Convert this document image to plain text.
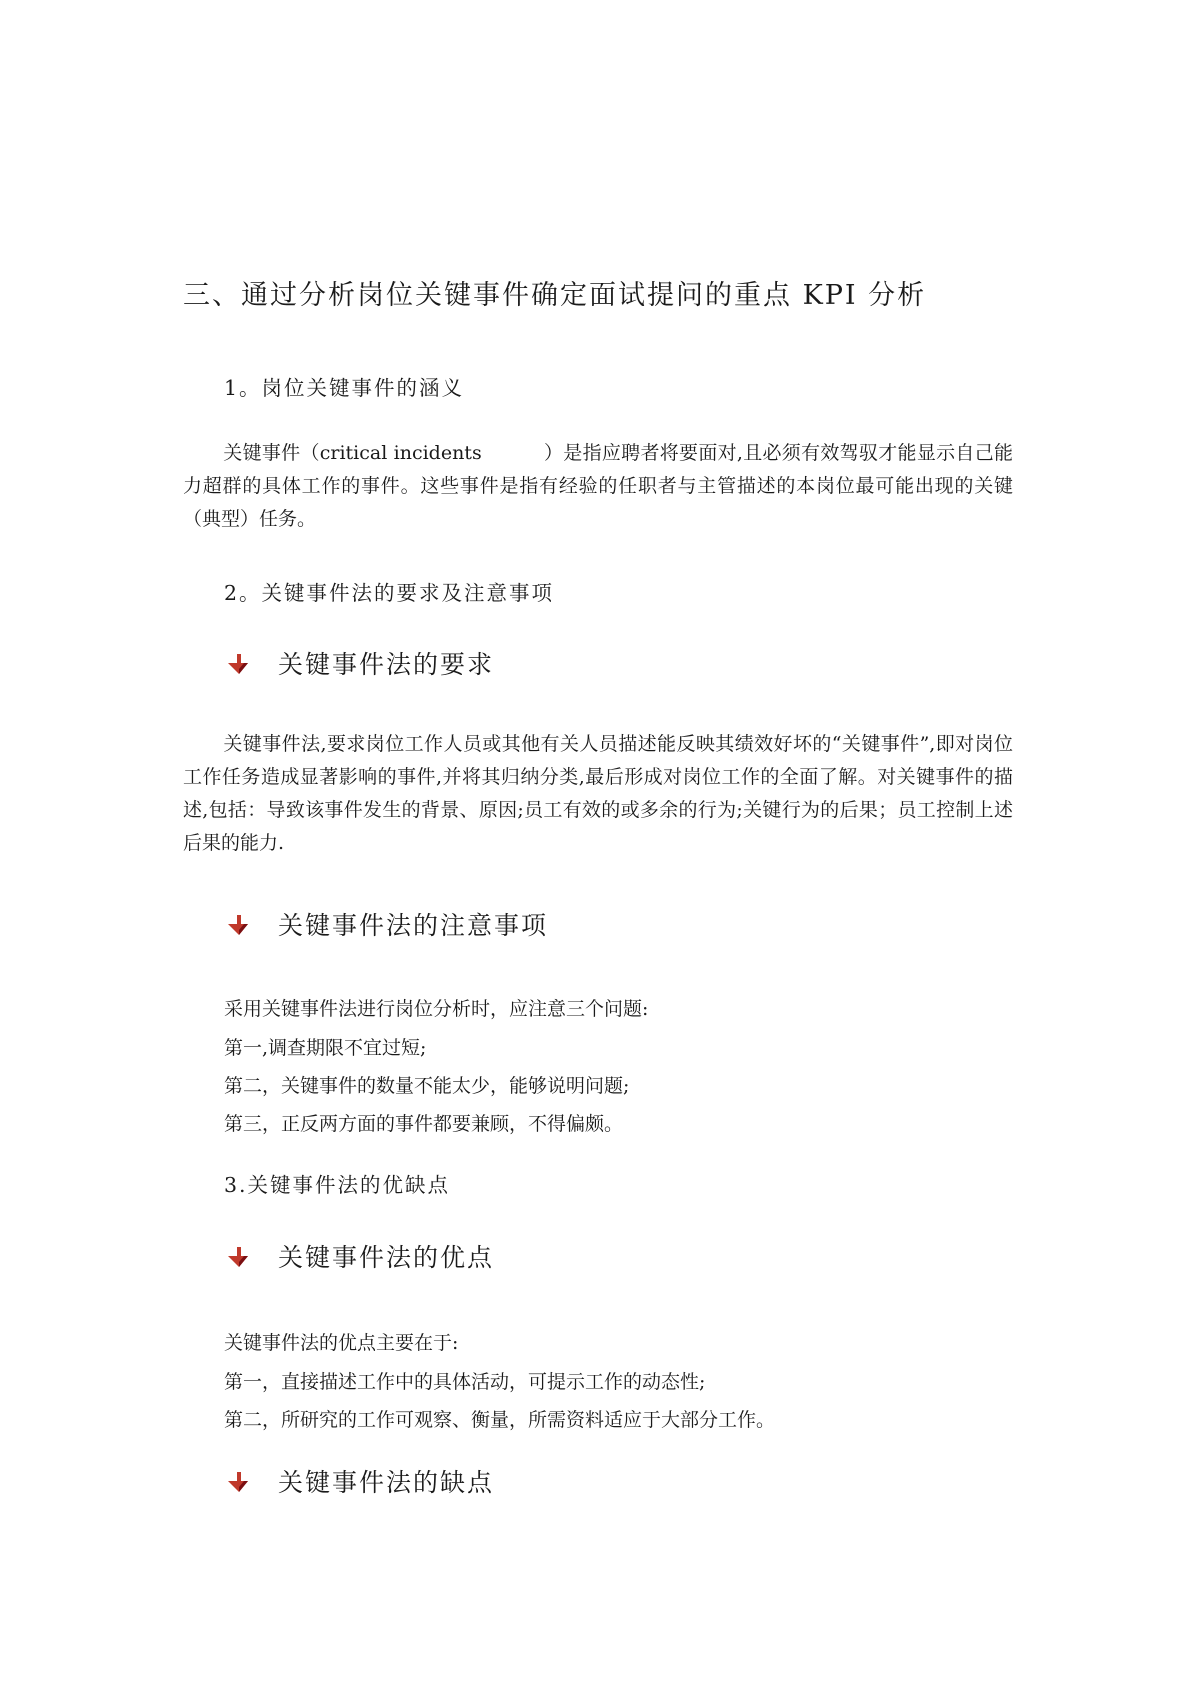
三、通过分析岗位关键事件确定面试提问的重点 KPI 分析

1。岗位关键事件的涵义

关键事件（critical incidents	）是指应聘者将要面对,且必须有效驾驭才能显示自己能力超群的具体工作的事件。这些事件是指有经验的任职者与主管描述的本岗位最可能出现的关键（典型）任务。

2。关键事件法的要求及注意事项

关键事件法的要求

关键事件法,要求岗位工作人员或其他有关人员描述能反映其绩效好坏的“关键事件”,即对岗位工作任务造成显著影响的事件,并将其归纳分类,最后形成对岗位工作的全面了解。对关键事件的描述,包括：导致该事件发生的背景、原因;员工有效的或多余的行为;关键行为的后果；员工控制上述后果的能力.

关键事件法的注意事项

采用关键事件法进行岗位分析时，应注意三个问题:

第一,调查期限不宜过短;

第二，关键事件的数量不能太少，能够说明问题;

第三，正反两方面的事件都要兼顾，不得偏颇。

3.关键事件法的优缺点

关键事件法的优点

关键事件法的优点主要在于:

第一，直接描述工作中的具体活动，可提示工作的动态性;

第二，所研究的工作可观察、衡量，所需资料适应于大部分工作。

关键事件法的缺点
